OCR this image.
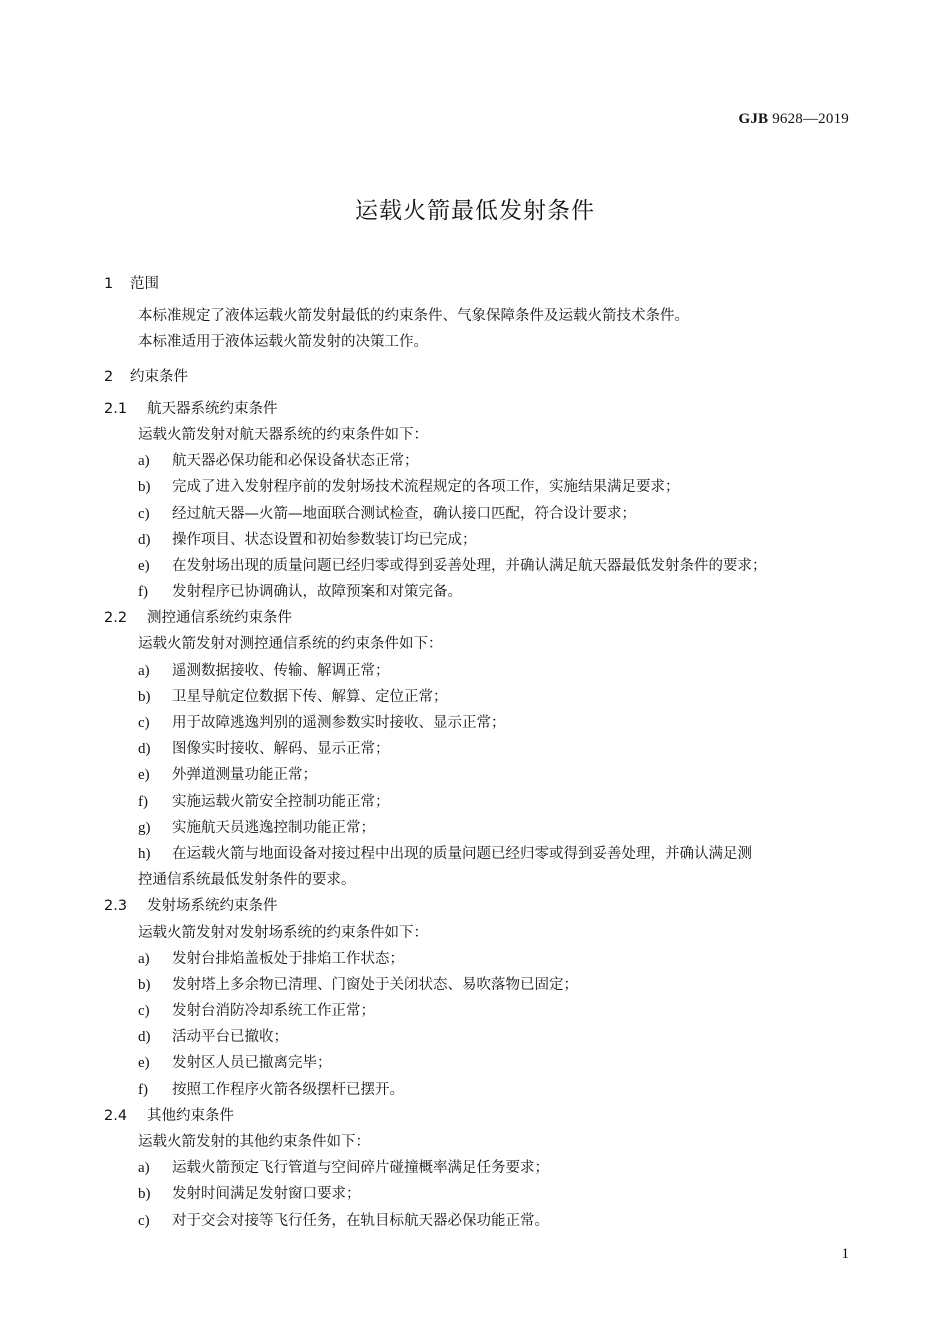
GJB 9628—2019
运载火箭最低发射条件
1 范围
本标准规定了液体运载火箭发射最低的约束条件、气象保障条件及运载火箭技术条件。
本标准适用于液体运载火箭发射的决策工作。
2 约束条件
2.1 航天器系统约束条件
运载火箭发射对航天器系统的约束条件如下：
a) 航天器必保功能和必保设备状态正常；
b) 完成了进入发射程序前的发射场技术流程规定的各项工作，实施结果满足要求；
c) 经过航天器—火箭—地面联合测试检查，确认接口匹配，符合设计要求；
d) 操作项目、状态设置和初始参数装订均已完成；
e) 在发射场出现的质量问题已经归零或得到妥善处理，并确认满足航天器最低发射条件的要求；
f) 发射程序已协调确认，故障预案和对策完备。
2.2 测控通信系统约束条件
运载火箭发射对测控通信系统的约束条件如下：
a) 遥测数据接收、传输、解调正常；
b) 卫星导航定位数据下传、解算、定位正常；
c) 用于故障逃逸判别的遥测参数实时接收、显示正常；
d) 图像实时接收、解码、显示正常；
e) 外弹道测量功能正常；
f) 实施运载火箭安全控制功能正常；
g) 实施航天员逃逸控制功能正常；
h) 在运载火箭与地面设备对接过程中出现的质量问题已经归零或得到妥善处理，并确认满足测
控通信系统最低发射条件的要求。
2.3 发射场系统约束条件
运载火箭发射对发射场系统的约束条件如下：
a) 发射台排焰盖板处于排焰工作状态；
b) 发射塔上多余物已清理、门窗处于关闭状态、易吹落物已固定；
c) 发射台消防冷却系统工作正常；
d) 活动平台已撤收；
e) 发射区人员已撤离完毕；
f) 按照工作程序火箭各级摆杆已摆开。
2.4 其他约束条件
运载火箭发射的其他约束条件如下：
a) 运载火箭预定飞行管道与空间碎片碰撞概率满足任务要求；
b) 发射时间满足发射窗口要求；
c) 对于交会对接等飞行任务，在轨目标航天器必保功能正常。
1
